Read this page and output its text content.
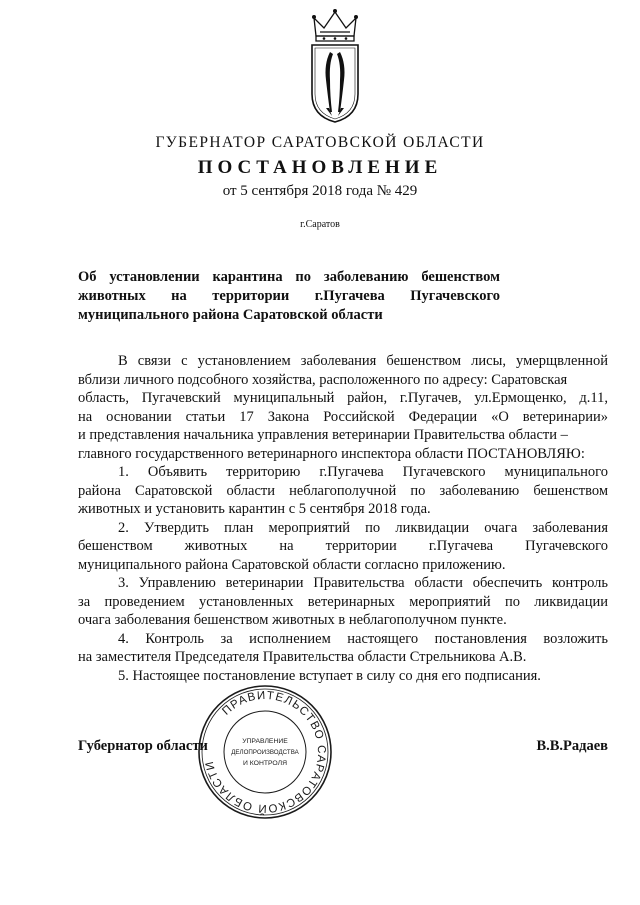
ГУБЕРНАТОР САРАТОВСКОЙ ОБЛАСТИ
ПОСТАНОВЛЕНИЕ
от 5 сентября 2018 года № 429
г.Саратов
Об установлении карантина по заболеванию бешенством
животных на территории г.Пугачева Пугачевского
муниципального района Саратовской области
В связи с установлением заболевания бешенством лисы, умерщвленной
вблизи личного подсобного хозяйства, расположенного по адресу: Саратовская
область, Пугачевский муниципальный район, г.Пугачев, ул.Ермощенко, д.11,
на основании статьи 17 Закона Российской Федерации «О ветеринарии»
и представления начальника управления ветеринарии Правительства области –
главного государственного ветеринарного инспектора области ПОСТАНОВЛЯЮ:
1. Объявить территорию г.Пугачева Пугачевского муниципального
района Саратовской области неблагополучной по заболеванию бешенством
животных и установить карантин с 5 сентября 2018 года.
2. Утвердить план мероприятий по ликвидации очага заболевания
бешенством животных на территории г.Пугачева Пугачевского
муниципального района Саратовской области согласно приложению.
3. Управлению ветеринарии Правительства области обеспечить контроль
за проведением установленных ветеринарных мероприятий по ликвидации
очага заболевания бешенством животных в неблагополучном пункте.
4. Контроль за исполнением настоящего постановления возложить
на заместителя Председателя Правительства области Стрельникова А.В.
5. Настоящее постановление вступает в силу со дня его подписания.
Губернатор области	В.В.Радаев
ПРАВИТЕЛЬСТВО САРАТОВСКОЙ ОБЛАСТИ
УПРАВЛЕНИЕ
ДЕЛОПРОИЗВОДСТВА
И КОНТРОЛЯ
